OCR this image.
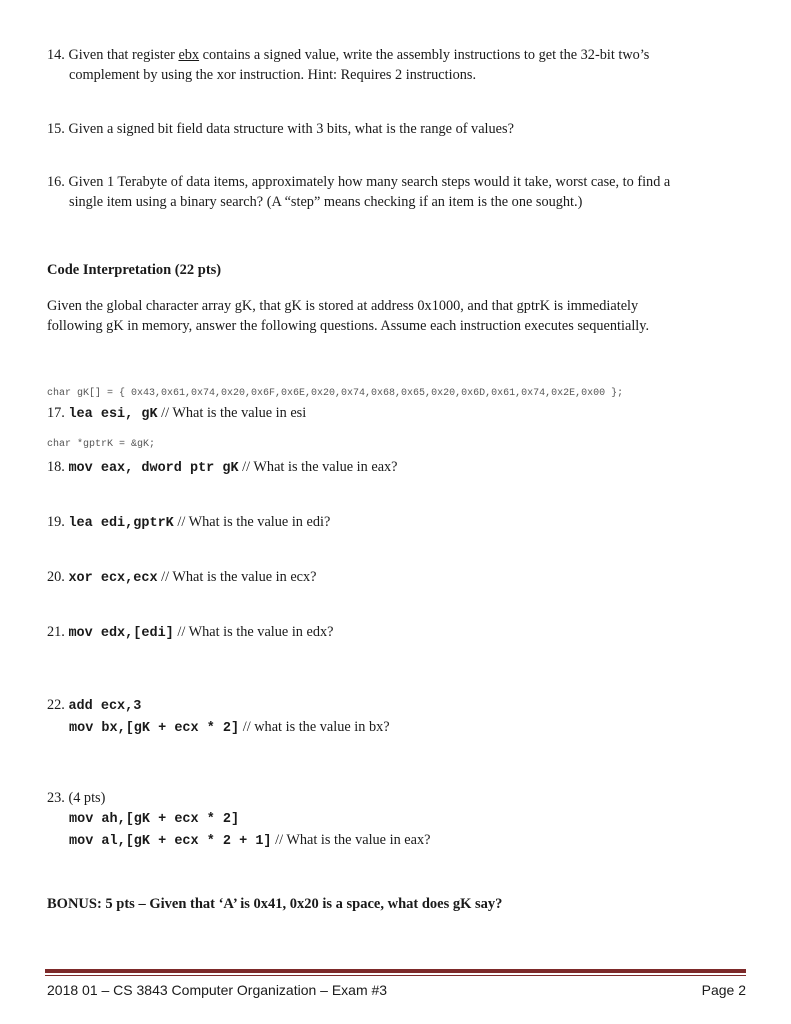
14. Given that register ebx contains a signed value, write the assembly instructions to get the 32-bit two’s
complement by using the xor instruction. Hint: Requires 2 instructions.
15. Given a signed bit field data structure with 3 bits, what is the range of values?
16. Given 1 Terabyte of data items, approximately how many search steps would it take, worst case, to find a
single item using a binary search? (A “step” means checking if an item is the one sought.)
Code Interpretation (22 pts)
Given the global character array gK, that gK is stored at address 0x1000, and that gptrK is immediately
following gK in memory, answer the following questions. Assume each instruction executes sequentially.

char gK[] = { 0x43,0x61,0x74,0x20,0x6F,0x6E,0x20,0x74,0x68,0x65,0x20,0x6D,0x61,0x74,0x2E,0x00 };

char *gptrK = &gK;

17. lea esi, gK // What is the value in esi
18. mov eax, dword ptr gK // What is the value in eax?
19. lea edi,gptrK // What is the value in edi?
20. xor ecx,ecx // What is the value in ecx?
21. mov edx,[edi] // What is the value in edx?
22. add ecx,3
mov bx,[gK + ecx * 2] // what is the value in bx?
23. (4 pts)
mov ah,[gK + ecx * 2]
mov al,[gK + ecx * 2 + 1] // What is the value in eax?
BONUS: 5 pts – Given that ‘A’ is 0x41, 0x20 is a space, what does gK say?
2018 01 – CS 3843 Computer Organization – Exam #3	Page 2
